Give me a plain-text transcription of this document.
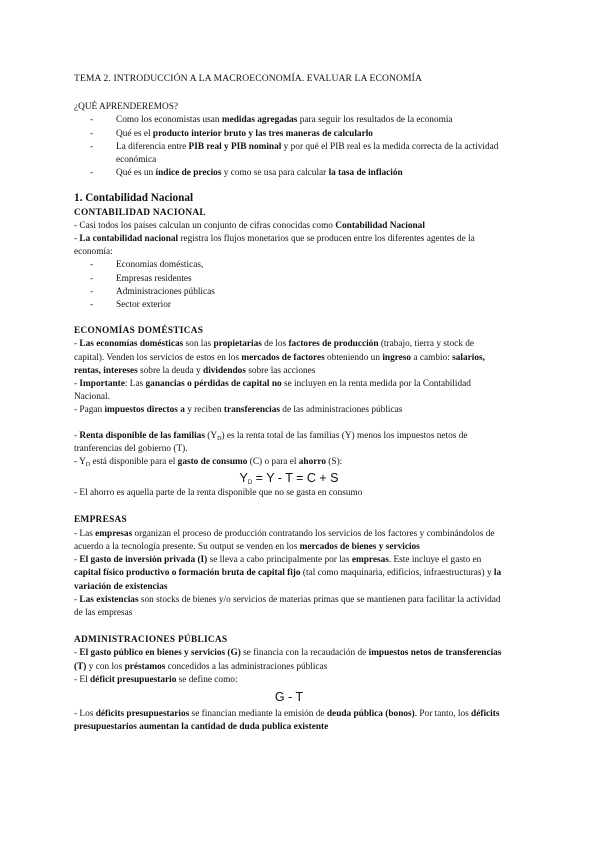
TEMA 2. INTRODUCCIÓN A LA MACROECONOMÍA. EVALUAR LA ECONOMÍA
¿QUÉ APRENDEREMOS?
- Como los economistas usan medidas agregadas para seguir los resultados de la economía
- Qué es el producto interior bruto y las tres maneras de calcularlo
- La diferencia entre PIB real y PIB nominal y por qué el PIB real es la medida correcta de la actividad económica
- Qué es un índice de precios y como se usa para calcular la tasa de inflación
1. Contabilidad Nacional
CONTABILIDAD NACIONAL

- Casi todos los países calculan un conjunto de cifras conocidas como Contabilidad Nacional

- La contabilidad nacional registra los flujos monetarios que se producen entre los diferentes agentes de la economía:

- Economías domésticas,
- Empresas residentes
- Administraciones públicas
- Sector exterior
ECONOMÍAS DOMÉSTICAS

- Las economías domésticas son las propietarias de los factores de producción (trabajo, tierra y stock de capital). Venden los servicios de estos en los mercados de factores obteniendo un ingreso a cambio: salarios, rentas, intereses sobre la deuda y dividendos sobre las acciones

- Importante: Las ganancias o pérdidas de capital no se incluyen en la renta medida por la Contabilidad Nacional.

- Pagan impuestos directos a y reciben transferencias de las administraciones públicas

- Renta disponible de las familias $(Y_D)$ es la renta total de las familias (Y) menos los impuestos netos de tranferencias del gobierno (T).

- $Y_D$ está disponible para el gasto de consumo (C) o para el ahorro (S):

$Y_D = Y - T = C + S$

- El ahorro es aquella parte de la renta disponible que no se gasta en consumo

EMPRESAS

- Las empresas organizan el proceso de producción contratando los servicios de los factores y combinándolos de acuerdo a la tecnología presente. Su output se venden en los mercados de bienes y servicios

- El gasto de inversión privada (I) se lleva a cabo principalmente por las empresas. Este incluye el gasto en capital físico productivo o formación bruta de capital fijo (tal como maquinaria, edificios, infraestructuras) y la variación de existencias

- Las existencias son stocks de bienes y/o servicios de materias primas que se mantienen para facilitar la actividad de las empresas

ADMINISTRACIONES PÚBLICAS

- El gasto público en bienes y servicios (G) se financia con la recaudación de impuestos netos de transferencias (T) y con los préstamos concedidos a las administraciones públicas

- El déficit presupuestario se define como:

G - T

- Los déficits presupuestarios se financian mediante la emisión de deuda pública (bonos). Por tanto, los déficits presupuestarios aumentan la cantidad de duda publica existente
